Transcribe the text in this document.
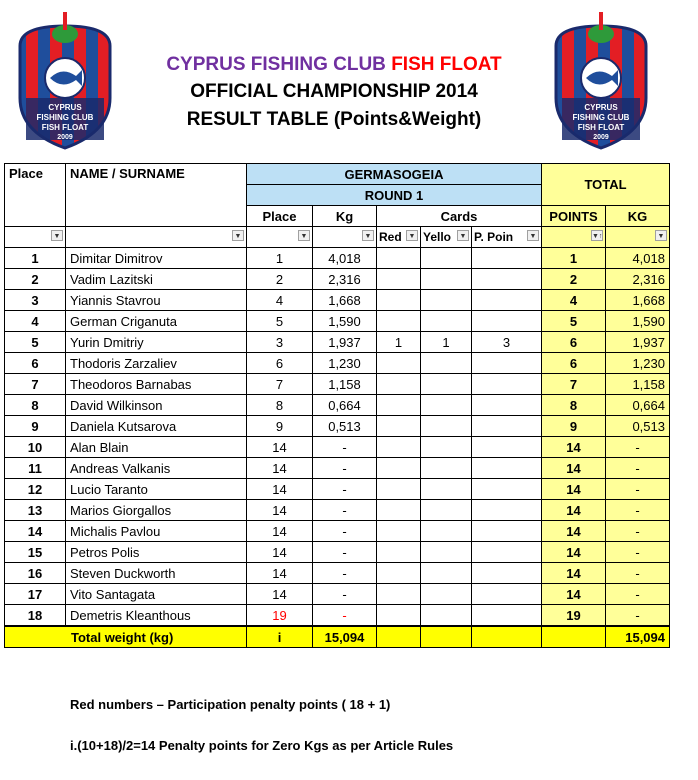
CYPRUS
FISHING CLUB
FISH FLOAT
2009
CYPRUS
FISHING CLUB
FISH FLOAT
2009
CYPRUS FISHING CLUB FISH FLOAT
OFFICIAL CHAMPIONSHIP 2014
RESULT TABLE (Points&Weight)
Place	NAME / SURNAME	GERMASOGEIA					TOTAL	
		ROUND 1						
		Place	Kg	Cards			POINTS	KG

▼	▼	▼	▼	Red ▼	Yello ▼	P. Poin ▼	▼↑	▼

1	Dimitar Dimitrov	1	4,018				1	4,018
2	Vadim Lazitski	2	2,316				2	2,316
3	Yiannis Stavrou	4	1,668				4	1,668
4	German Criganuta	5	1,590				5	1,590
5	Yurin Dmitriy	3	1,937	1	1	3	6	1,937
6	Thodoris Zarzaliev	6	1,230				6	1,230
7	Theodoros Barnabas	7	1,158				7	1,158
8	David Wilkinson	8	0,664				8	0,664
9	Daniela Kutsarova	9	0,513				9	0,513
10	Alan Blain	14	-				14	-
11	Andreas Valkanis	14	-				14	-
12	Lucio Taranto	14	-				14	-
13	Marios Giorgallos	14	-				14	-
14	Michalis Pavlou	14	-				14	-
15	Petros Polis	14	-				14	-
16	Steven Duckworth	14	-				14	-
17	Vito Santagata	14	-				14	-
18	Demetris Kleanthous	19	-				19	-
Total weight (kg)		i	15,094					15,094
Red numbers – Participation penalty points ( 18 + 1)
i.(10+18)/2=14 Penalty points for Zero Kgs as per Article Rules
